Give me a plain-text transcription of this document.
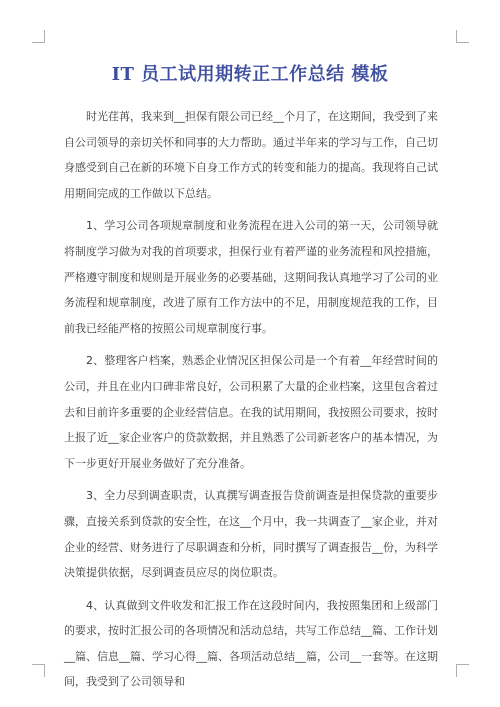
IT 员工试用期转正工作总结 模板

时光荏苒，我来到__担保有限公司已经__个月了，在这期间，我受到了来自公司领导的亲切关怀和同事的大力帮助。通过半年来的学习与工作，自己切身感受到自己在新的环境下自身工作方式的转变和能力的提高。我现将自己试用期间完成的工作做以下总结。

1、学习公司各项规章制度和业务流程在进入公司的第一天，公司领导就将制度学习做为对我的首项要求，担保行业有着严谨的业务流程和风控措施，严格遵守制度和规则是开展业务的必要基础，这期间我认真地学习了公司的业务流程和规章制度，改进了原有工作方法中的不足，用制度规范我的工作，目前我已经能严格的按照公司规章制度行事。

2、整理客户档案，熟悉企业情况区担保公司是一个有着__年经营时间的公司，并且在业内口碑非常良好，公司积累了大量的企业档案，这里包含着过去和目前许多重要的企业经营信息。在我的试用期间，我按照公司要求，按时上报了近__家企业客户的贷款数据，并且熟悉了公司新老客户的基本情况，为下一步更好开展业务做好了充分准备。

3、全力尽到调查职责，认真撰写调查报告贷前调查是担保贷款的重要步骤，直接关系到贷款的安全性，在这__个月中，我一共调查了__家企业，并对企业的经营、财务进行了尽职调查和分析，同时撰写了调查报告__份，为科学决策提供依据，尽到调查员应尽的岗位职责。

4、认真做到文件收发和汇报工作在这段时间内，我按照集团和上级部门的要求，按时汇报公司的各项情况和活动总结，共写工作总结__篇、工作计划__篇、信息__篇、学习心得__篇、各项活动总结__篇，公司__一套等。在这期间，我受到了公司领导和
